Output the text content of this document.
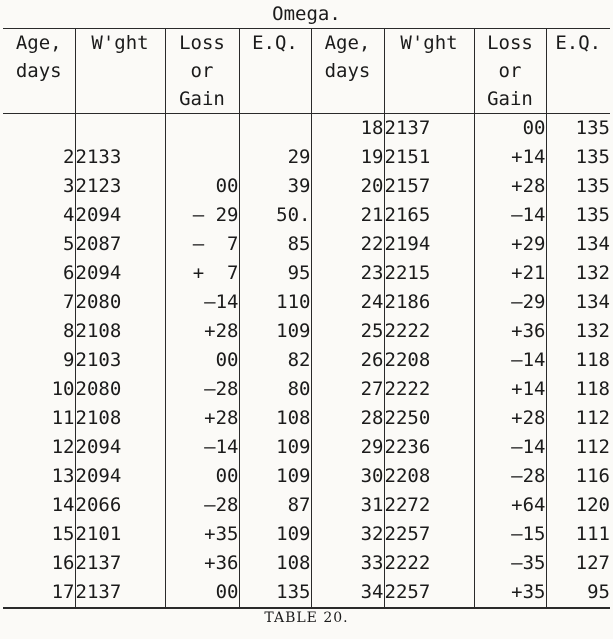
Omega.
Age,
days	W'ght	Loss
or
Gain	E.Q.	Age,
days	W'ght	Loss
or
Gain	E.Q.

				18	2137	00	135
2	2133		29	19	2151	+14	135
3	2123	00	39	20	2157	+28	135
4	2094	— 29	50.	21	2165	—14	135
5	2087	—  7	85	22	2194	+29	134
6	2094	+  7	95	23	2215	+21	132
7	2080	—14	110	24	2186	—29	134
8	2108	+28	109	25	2222	+36	132
9	2103	00	82	26	2208	—14	118
10	2080	—28	80	27	2222	+14	118
11	2108	+28	108	28	2250	+28	112
12	2094	—14	109	29	2236	—14	112
13	2094	00	109	30	2208	—28	116
14	2066	—28	87	31	2272	+64	120
15	2101	+35	109	32	2257	—15	111
16	2137	+36	108	33	2222	—35	127
17	2137	00	135	34	2257	+35	95
TABLE 20.
